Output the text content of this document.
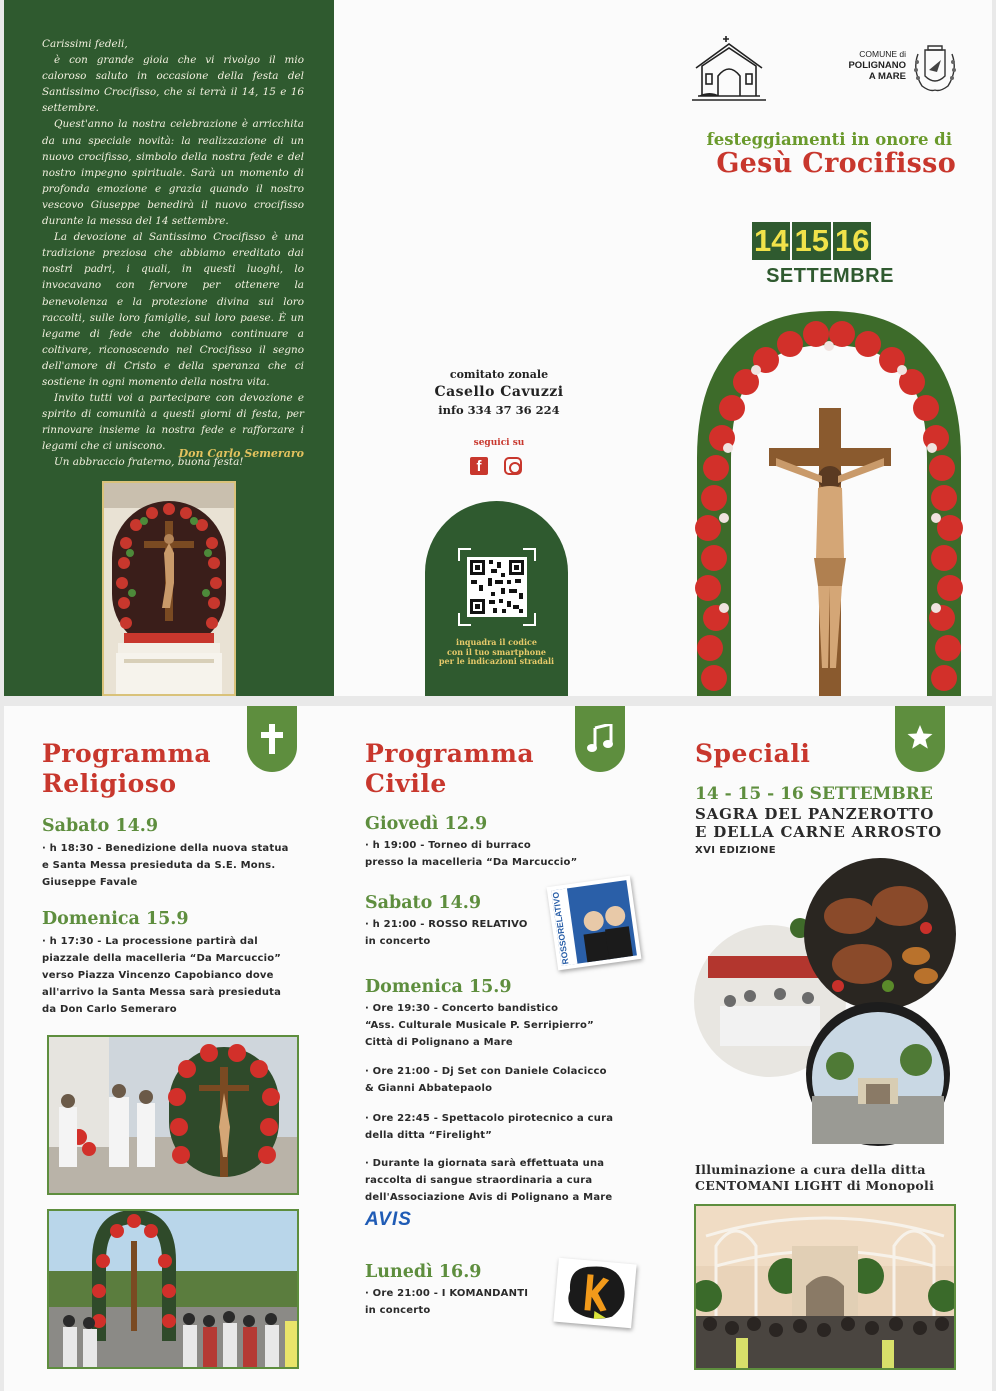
Carissimi fedeli,

è con grande gioia che vi rivolgo il mio caloroso saluto in occasione della festa del Santissimo Crocifisso, che si terrà il 14, 15 e 16 settembre.

Quest'anno la nostra celebrazione è arricchita da una speciale novità: la realizzazione di un nuovo crocifisso, simbolo della nostra fede e del nostro impegno spirituale. Sarà un momento di profonda emozione e grazia quando il nostro vescovo Giuseppe benedirà il nuovo crocifisso durante la messa del 14 settembre.

La devozione al Santissimo Crocifisso è una tradizione preziosa che abbiamo ereditato dai nostri padri, i quali, in questi luoghi, lo invocavano con fervore per ottenere la benevolenza e la protezione divina sui loro raccolti, sulle loro famiglie, sul loro paese. È un legame di fede che dobbiamo continuare a coltivare, riconoscendo nel Crocifisso il segno dell'amore di Cristo e della speranza che ci sostiene in ogni momento della nostra vita.

Invito tutti voi a partecipare con devozione e spirito di comunità a questi giorni di festa, per rinnovare insieme la nostra fede e rafforzare i legami che ci uniscono.

Un abbraccio fraterno, buona festa!

Don Carlo Semeraro
comitato zonale
Casello Cavuzzi
info 334 37 36 224
seguici su
f
inquadra il codice
con il tuo smartphone
per le indicazioni stradali
COMUNE di
POLIGNANO
A MARE
festeggiamenti in onore di
Gesù Crocifisso
14 15 16
SETTEMBRE
Programma
Religioso
Sabato 14.9
· h 18:30 - Benedizione della nuova statua
e Santa Messa presieduta da S.E. Mons.
Giuseppe Favale
Domenica 15.9
· h 17:30 - La processione partirà dal
piazzale della macelleria “Da Marcuccio”
verso Piazza Vincenzo Capobianco dove
all'arrivo la Santa Messa sarà presieduta
da Don Carlo Semeraro
Programma
Civile
Giovedì 12.9
· h 19:00 - Torneo di burraco
presso la macelleria “Da Marcuccio”
Sabato 14.9
· h 21:00 - ROSSO RELATIVO
in concerto	ROSSORELATIVO
Domenica 15.9
· Ore 19:30 - Concerto bandistico
“Ass. Culturale Musicale P. Serripierro”
Città di Polignano a Mare
· Ore 21:00 - Dj Set con Daniele Colacicco
& Gianni Abbatepaolo
· Ore 22:45 - Spettacolo pirotecnico a cura
della ditta “Firelight”
· Durante la giornata sarà effettuata una
raccolta di sangue straordinaria a cura
dell'Associazione Avis di Polignano a Mare
AVIS
Lunedì 16.9
· Ore 21:00 - I KOMANDANTI
in concerto
Speciali
14 - 15 - 16 SETTEMBRE
SAGRA DEL PANZEROTTO
E DELLA CARNE ARROSTO
XVI EDIZIONE
Illuminazione a cura della ditta
CENTOMANI LIGHT di Monopoli
